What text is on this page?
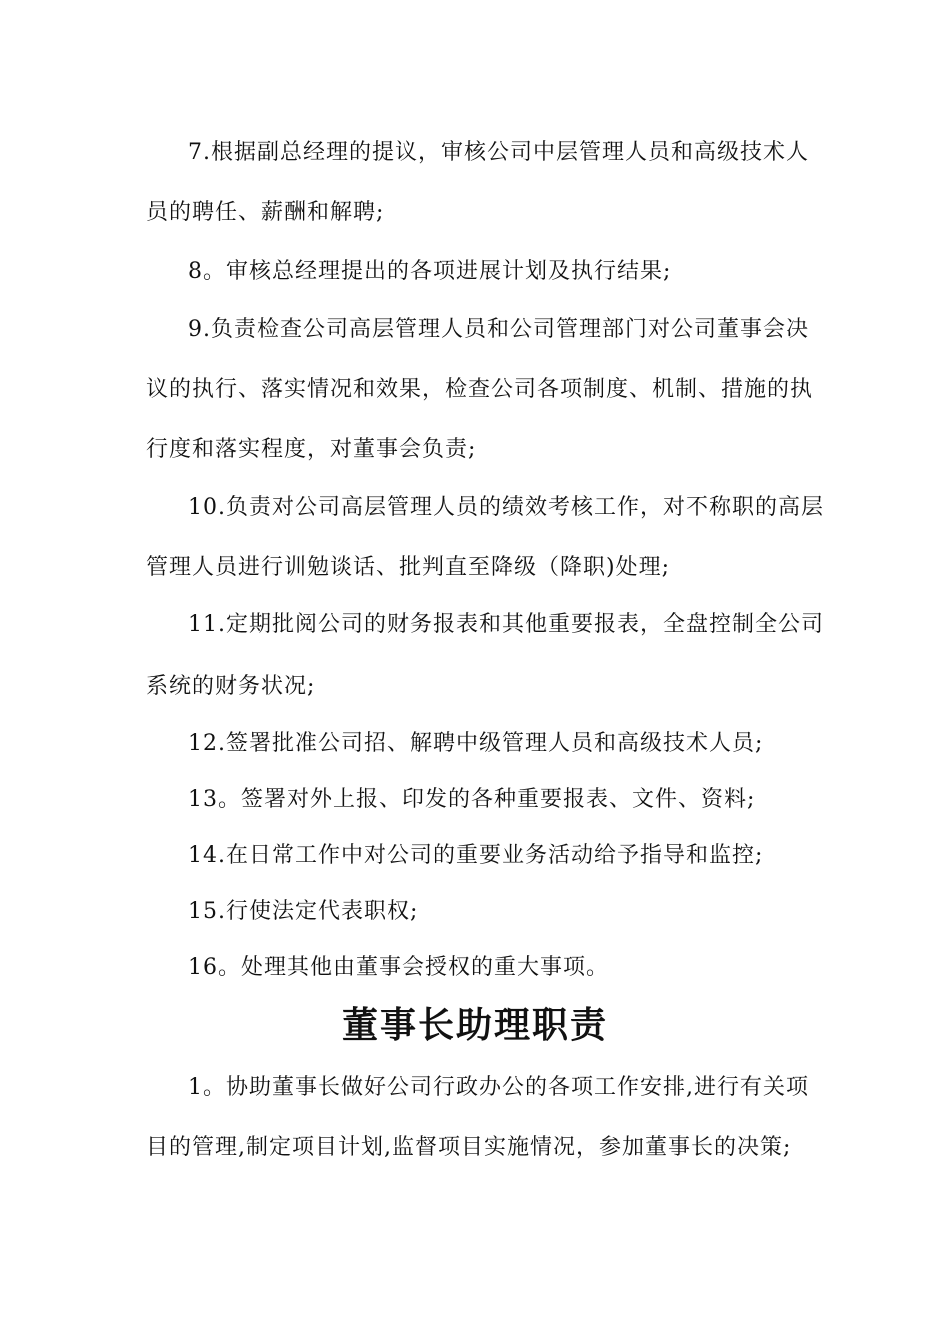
7.根据副总经理的提议，审核公司中层管理人员和高级技术人
员的聘任、薪酬和解聘;
8。审核总经理提出的各项进展计划及执行结果;
9.负责检查公司高层管理人员和公司管理部门对公司董事会决
议的执行、落实情况和效果，检查公司各项制度、机制、措施的执
行度和落实程度，对董事会负责;
10.负责对公司高层管理人员的绩效考核工作，对不称职的高层
管理人员进行训勉谈话、批判直至降级（降职)处理;
11.定期批阅公司的财务报表和其他重要报表，全盘控制全公司
系统的财务状况;
12.签署批准公司招、解聘中级管理人员和高级技术人员;
13。签署对外上报、印发的各种重要报表、文件、资料;
14.在日常工作中对公司的重要业务活动给予指导和监控;
15.行使法定代表职权;
16。处理其他由董事会授权的重大事项。
董事长助理职责
1。协助董事长做好公司行政办公的各项工作安排,进行有关项
目的管理,制定项目计划,监督项目实施情况，参加董事长的决策;
